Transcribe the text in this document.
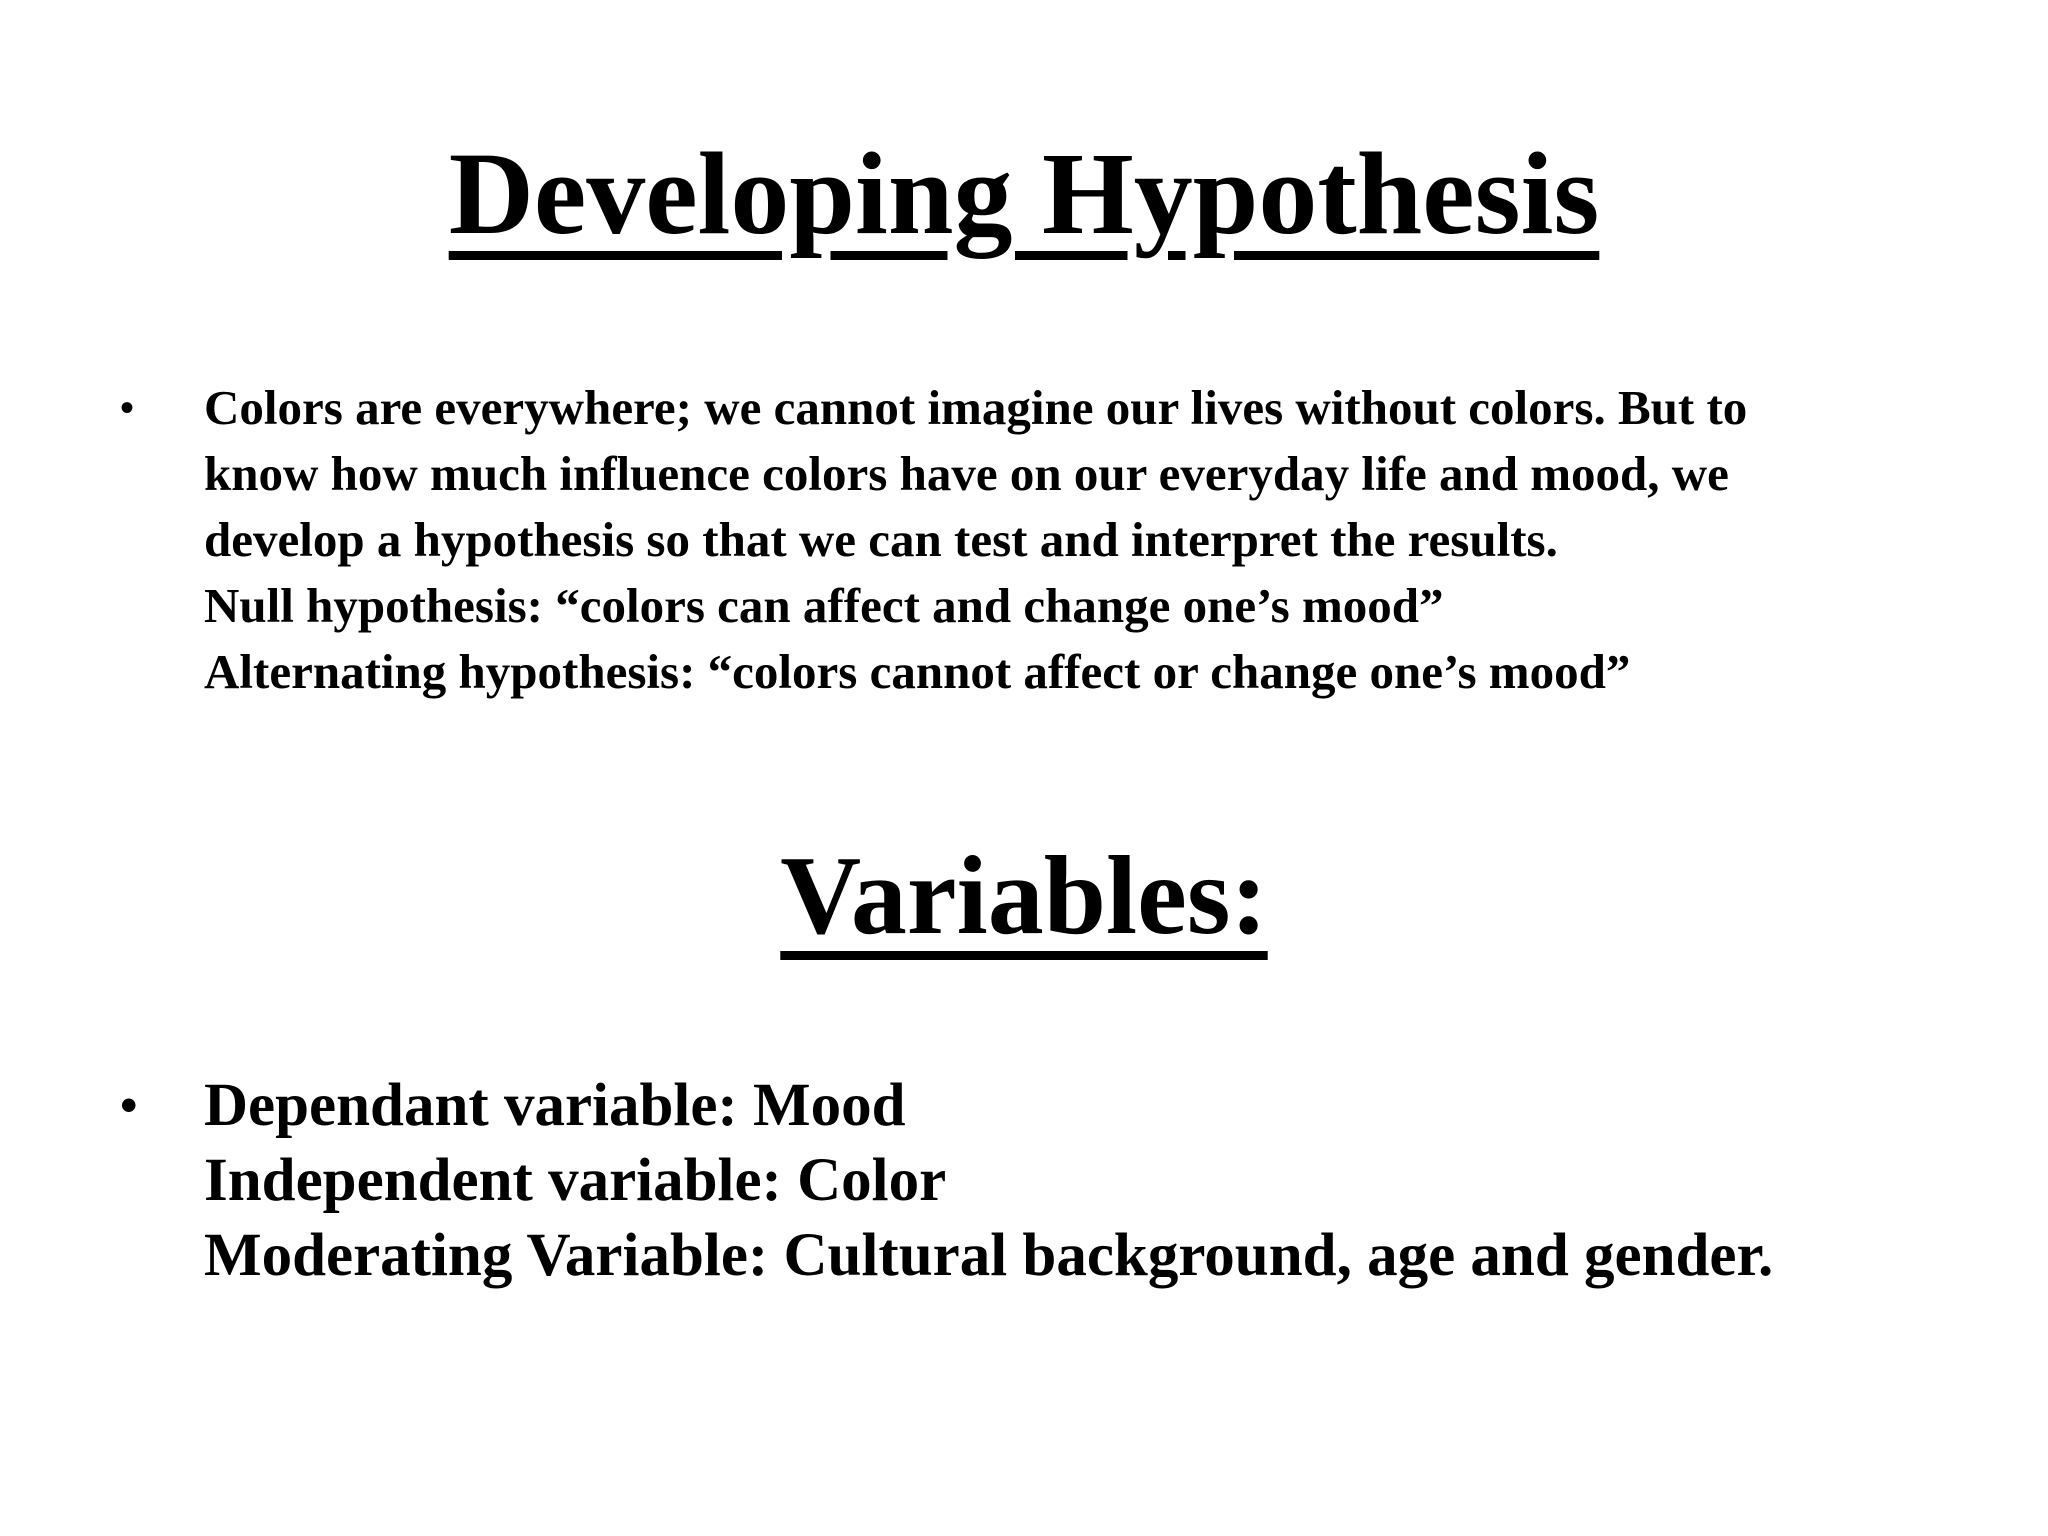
Developing Hypothesis
• Colors are everywhere; we cannot imagine our lives without colors. But to
know how much influence colors have on our everyday life and mood, we
develop a hypothesis so that we can test and interpret the results.
Null hypothesis: “colors can affect and change one’s mood”
Alternating hypothesis: “colors cannot affect or change one’s mood”
Variables:
• Dependant variable: Mood
Independent variable: Color
Moderating Variable: Cultural background, age and gender.
